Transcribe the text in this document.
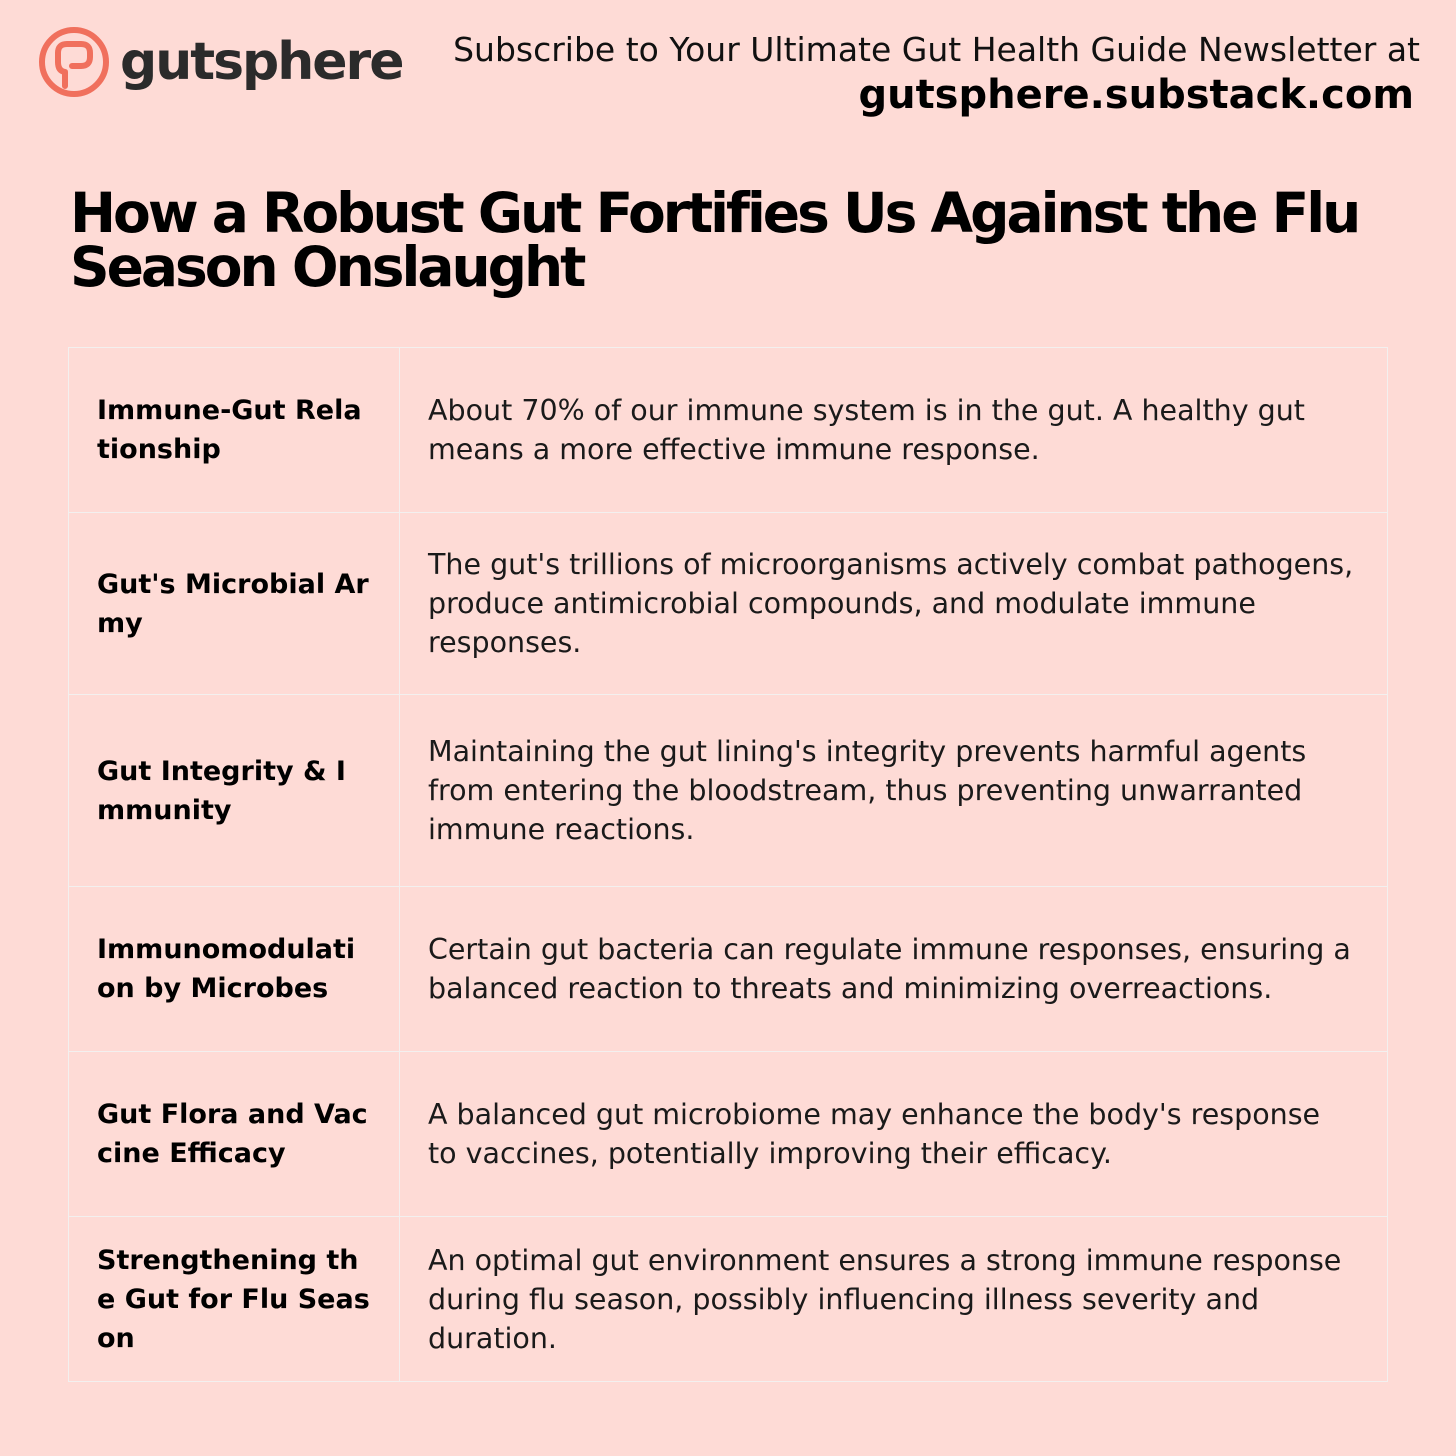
gutsphere Subscribe to Your Ultimate Gut Health Guide Newsletter at
gutsphere.substack.com
How a Robust Gut Fortifies Us Against the Flu Season Onslaught
Immune-Gut Relationship	About 70% of our immune system is in the gut. A healthy gut means a more effective immune response.
Gut's Microbial Army	The gut's trillions of microorganisms actively combat pathogens, produce antimicrobial compounds, and modulate immune responses.
Gut Integrity & Immunity	Maintaining the gut lining's integrity prevents harmful agents from entering the bloodstream, thus preventing unwarranted immune reactions.
Immunomodulation by Microbes	Certain gut bacteria can regulate immune responses, ensuring a balanced reaction to threats and minimizing overreactions.
Gut Flora and Vaccine Efficacy	A balanced gut microbiome may enhance the body's response to vaccines, potentially improving their efficacy.
Strengthening the Gut for Flu Season	An optimal gut environment ensures a strong immune response during flu season, possibly influencing illness severity and duration.
